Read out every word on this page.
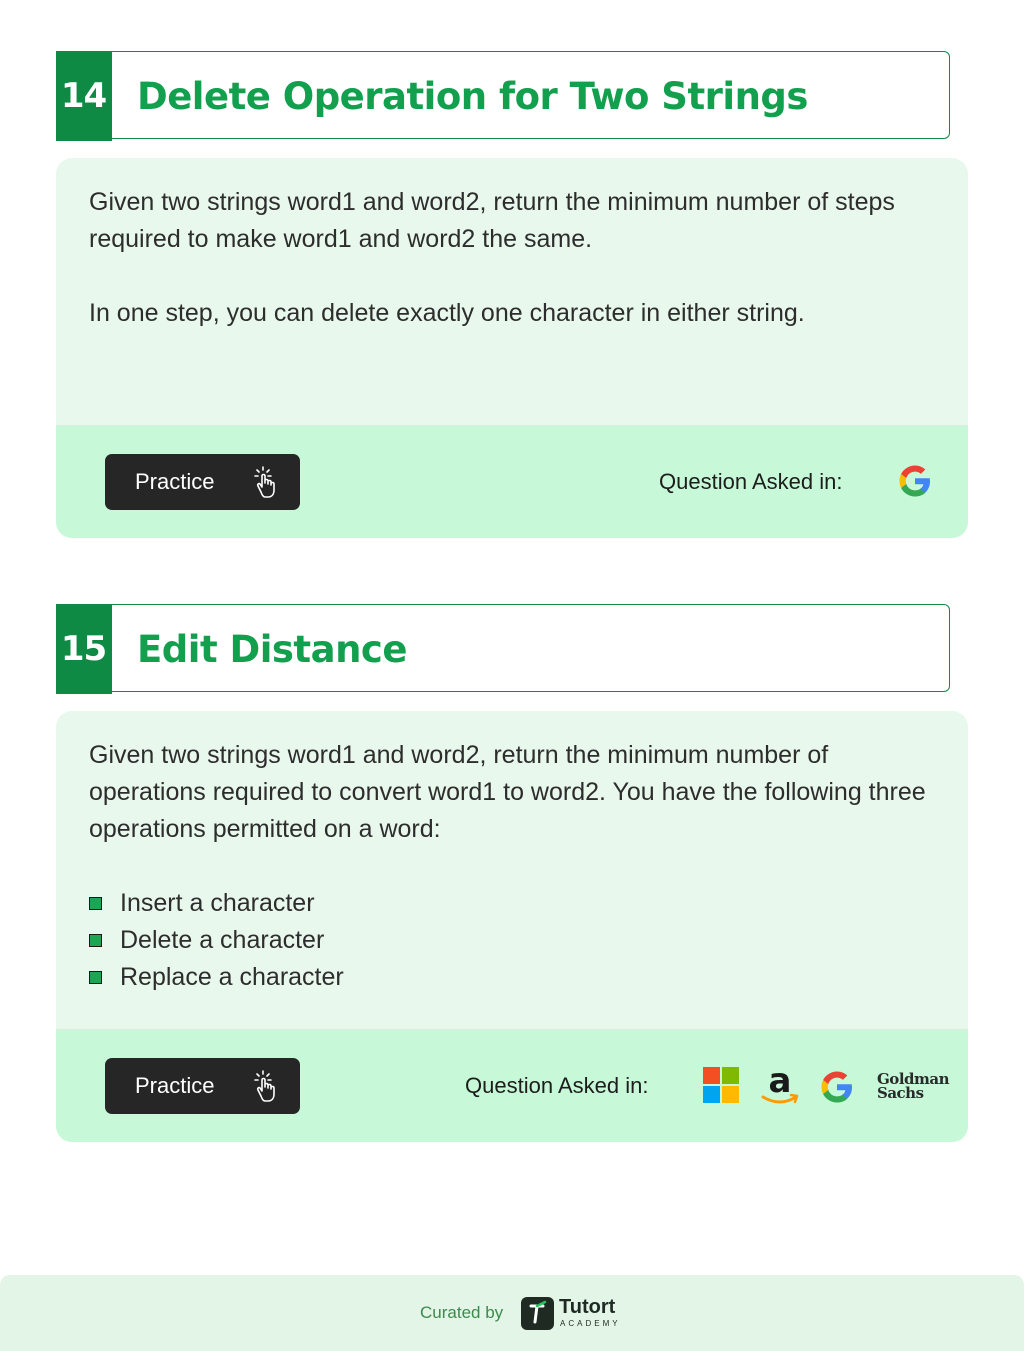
14 Delete Operation for Two Strings

Given two strings word1 and word2, return the minimum number of steps required to make word1 and word2 the same.

In one step, you can delete exactly one character in either string.

Practice	Question Asked in:
15 Edit Distance

Given two strings word1 and word2, return the minimum number of operations required to convert word1 to word2. You have the following three operations permitted on a word:

Insert a character
Delete a character
Replace a character
Practice	Question Asked in:	a	Goldman
Sachs
Curated by	Tutort
ACADEMY
